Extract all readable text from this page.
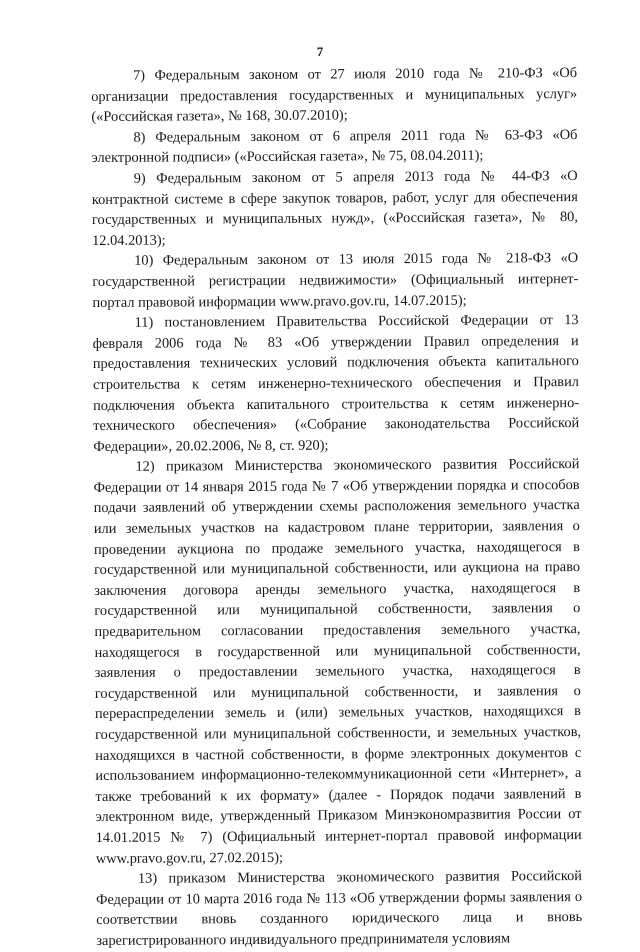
7

7) Федеральным законом от 27 июля 2010 года № 210-ФЗ «Об организации предоставления государственных и муниципальных услуг» («Российская газета», № 168, 30.07.2010);

8) Федеральным законом от 6 апреля 2011 года № 63-ФЗ «Об электронной подписи» («Российская газета», № 75, 08.04.2011);

9) Федеральным законом от 5 апреля 2013 года № 44-ФЗ «О контрактной системе в сфере закупок товаров, работ, услуг для обеспечения государственных и муниципальных нужд», («Российская газета», № 80, 12.04.2013);

10) Федеральным законом от 13 июля 2015 года № 218-ФЗ «О государственной регистрации недвижимости» (Официальный интернет-портал правовой информации www.pravo.gov.ru, 14.07.2015);

11) постановлением Правительства Российской Федерации от 13 февраля 2006 года № 83 «Об утверждении Правил определения и предоставления технических условий подключения объекта капитального строительства к сетям инженерно-технического обеспечения и Правил подключения объекта капитального строительства к сетям инженерно-технического обеспечения» («Собрание законодательства Российской Федерации», 20.02.2006, № 8, ст. 920);

12) приказом Министерства экономического развития Российской Федерации от 14 января 2015 года № 7 «Об утверждении порядка и способов подачи заявлений об утверждении схемы расположения земельного участка или земельных участков на кадастровом плане территории, заявления о проведении аукциона по продаже земельного участка, находящегося в государственной или муниципальной собственности, или аукциона на право заключения договора аренды земельного участка, находящегося в государственной или муниципальной собственности, заявления о предварительном согласовании предоставления земельного участка, находящегося в государственной или муниципальной собственности, заявления о предоставлении земельного участка, находящегося в государственной или муниципальной собственности, и заявления о перераспределении земель и (или) земельных участков, находящихся в государственной или муниципальной собственности, и земельных участков, находящихся в частной собственности, в форме электронных документов с использованием информационно-телекоммуникационной сети «Интернет», а также требований к их формату» (далее - Порядок подачи заявлений в электронном виде, утвержденный Приказом Минэкономразвития России от 14.01.2015 № 7) (Официальный интернет-портал правовой информации www.pravo.gov.ru, 27.02.2015);

13) приказом Министерства экономического развития Российской Федерации от 10 марта 2016 года № 113 «Об утверждении формы заявления о соответствии вновь созданного юридического лица и вновь зарегистрированного индивидуального предпринимателя условиям
